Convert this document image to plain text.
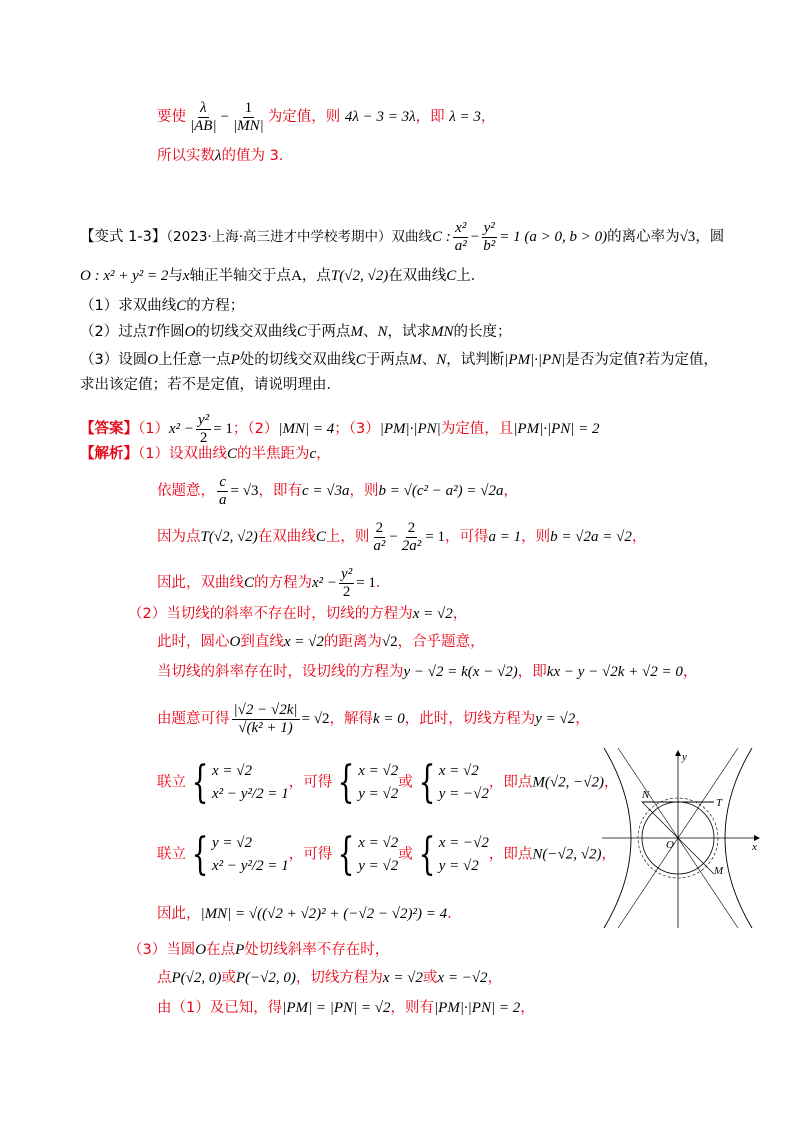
要使 $\frac{\lambda}{|AB|} - \frac{1}{|MN|}$ 为定值，则 4λ − 3 = 3λ，即 λ = 3，
所以实数λ的值为 3．
【变式 1-3】（2023·上海·高三进才中学校考期中）双曲线C : $\frac{\text{x²}}{\text{a²}} - \frac{\text{y²}}{\text{b²}} = 1$ (a > 0, b > 0)的离心率为√3，圆
O : x² + y² = 2与x轴正半轴交于点A，点T(√2, √2)在双曲线C上．
（1）求双曲线C的方程；
（2）过点T作圆O的切线交双曲线C于两点M、N，试求MN的长度；
（3）设圆O上任意一点P处的切线交双曲线C于两点M、N，试判断|PM|·|PN|是否为定值?若为定值，
求出该定值；若不是定值，请说明理由．
【答案】$(1)x^2 - \frac{\text{y²}}{2} = 1$；（2）|MN| = 4；（3）|PM|·|PN|为定值，且|PM|·|PN| = 2
【解析】（1）设双曲线C的半焦距为c，
依题意， $\frac{c}{a} = √3$，即有c = √3a，则b = √(c² − a²) = √2a，
因为点T(√2, √2)在双曲线C上，则 $\frac{2}{\text{a²}} - \frac{2}{\text{2a²}} = 1$，可得a = 1，则b = √2a = √2，
因此，双曲线C的方程为$x^2 - \frac{\text{y²}}{2} = 1$．
（2）当切线的斜率不存在时，切线的方程为x = √2，
此时，圆心O到直线x = √2的距离为√2，合乎题意，
当切线的斜率存在时，设切线的方程为y − √2 = k(x − √2)，即kx − y − √2k + √2 = 0，
由题意可得 $\frac{|√2 - √2k|}{\text{√(k² + 1)}} = √2$，解得k = 0，此时，切线方程为y = √2，
联立 { x = √2
x² − y²/2 = 1
，可得 { x = √2
y = √2
或 { x = √2
y = −√2
，即点M(√2, −√2)，
联立 { y = √2
x² − y²/2 = 1
，可得 { x = √2
y = √2
或 { x = −√2
y = √2
，即点N(−√2, √2)，
因此，|MN| = √((√2 + √2)² + (−√2 − √2)²) = 4．
（3）当圆O在点P处切线斜率不存在时，
点P(√2, 0)或P(−√2, 0)，切线方程为x = √2或x = −√2，
由（1）及已知，得|PM| = |PN| = √2，则有|PM|·|PN| = 2，
y
x
O
N
T
M
